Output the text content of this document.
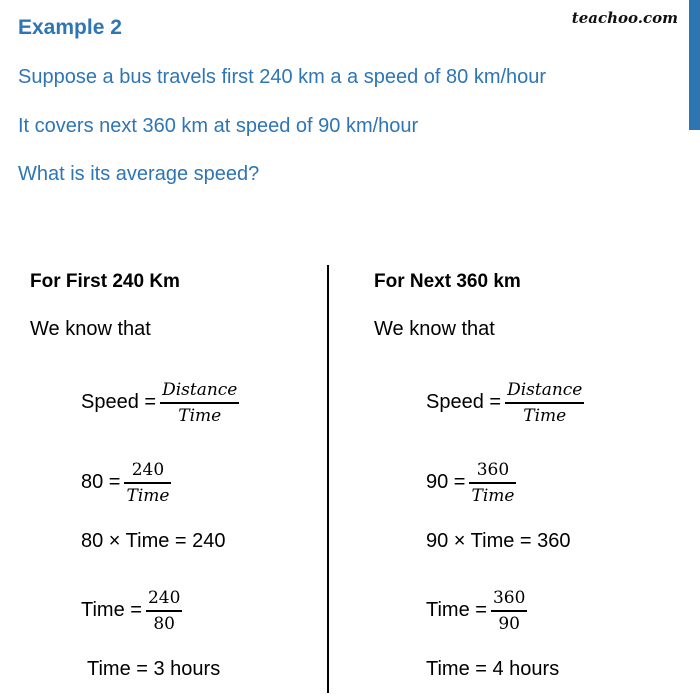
Example 2	teachoo.com
Suppose a bus travels first 240 km a a speed of 80 km/hour
It covers next 360 km at speed of 90 km/hour
What is its average speed?
For First 240 Km
We know that
Speed = $\frac{\text{Distance}}{\text{Time}}$
$80 = \frac{240}{\text{Time}}$
80 × Time = 240
Time = $\frac{240}{80}$
Time = 3 hours
For Next 360 km
We know that
Speed = $\frac{\text{Distance}}{\text{Time}}$
$90 = \frac{360}{\text{Time}}$
90 × Time = 360
Time = $\frac{360}{90}$
Time = 4 hours
